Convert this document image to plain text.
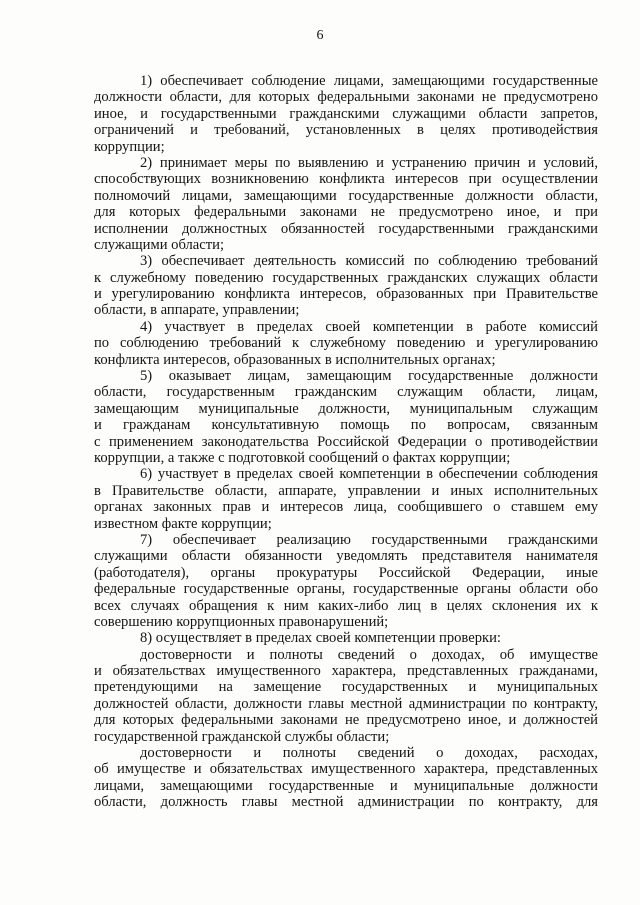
6
1) обеспечивает соблюдение лицами, замещающими государственные
должности области, для которых федеральными законами не предусмотрено
иное, и государственными гражданскими служащими области запретов,
ограничений и требований, установленных в целях противодействия
коррупции;
2) принимает меры по выявлению и устранению причин и условий,
способствующих возникновению конфликта интересов при осуществлении
полномочий лицами, замещающими государственные должности области,
для которых федеральными законами не предусмотрено иное, и при
исполнении должностных обязанностей государственными гражданскими
служащими области;
3) обеспечивает деятельность комиссий по соблюдению требований
к служебному поведению государственных гражданских служащих области
и урегулированию конфликта интересов, образованных при Правительстве
области, в аппарате, управлении;
4) участвует в пределах своей компетенции в работе комиссий
по соблюдению требований к служебному поведению и урегулированию
конфликта интересов, образованных в исполнительных органах;
5) оказывает лицам, замещающим государственные должности
области, государственным гражданским служащим области, лицам,
замещающим муниципальные должности, муниципальным служащим
и гражданам консультативную помощь по вопросам, связанным
с применением законодательства Российской Федерации о противодействии
коррупции, а также с подготовкой сообщений о фактах коррупции;
6) участвует в пределах своей компетенции в обеспечении соблюдения
в Правительстве области, аппарате, управлении и иных исполнительных
органах законных прав и интересов лица, сообщившего о ставшем ему
известном факте коррупции;
7) обеспечивает реализацию государственными гражданскими
служащими области обязанности уведомлять представителя нанимателя
(работодателя), органы прокуратуры Российской Федерации, иные
федеральные государственные органы, государственные органы области обо
всех случаях обращения к ним каких-либо лиц в целях склонения их к
совершению коррупционных правонарушений;
8) осуществляет в пределах своей компетенции проверки:
достоверности и полноты сведений о доходах, об имуществе
и обязательствах имущественного характера, представленных гражданами,
претендующими на замещение государственных и муниципальных
должностей области, должности главы местной администрации по контракту,
для которых федеральными законами не предусмотрено иное, и должностей
государственной гражданской службы области;
достоверности и полноты сведений о доходах, расходах,
об имуществе и обязательствах имущественного характера, представленных
лицами, замещающими государственные и муниципальные должности
области, должность главы местной администрации по контракту, для
